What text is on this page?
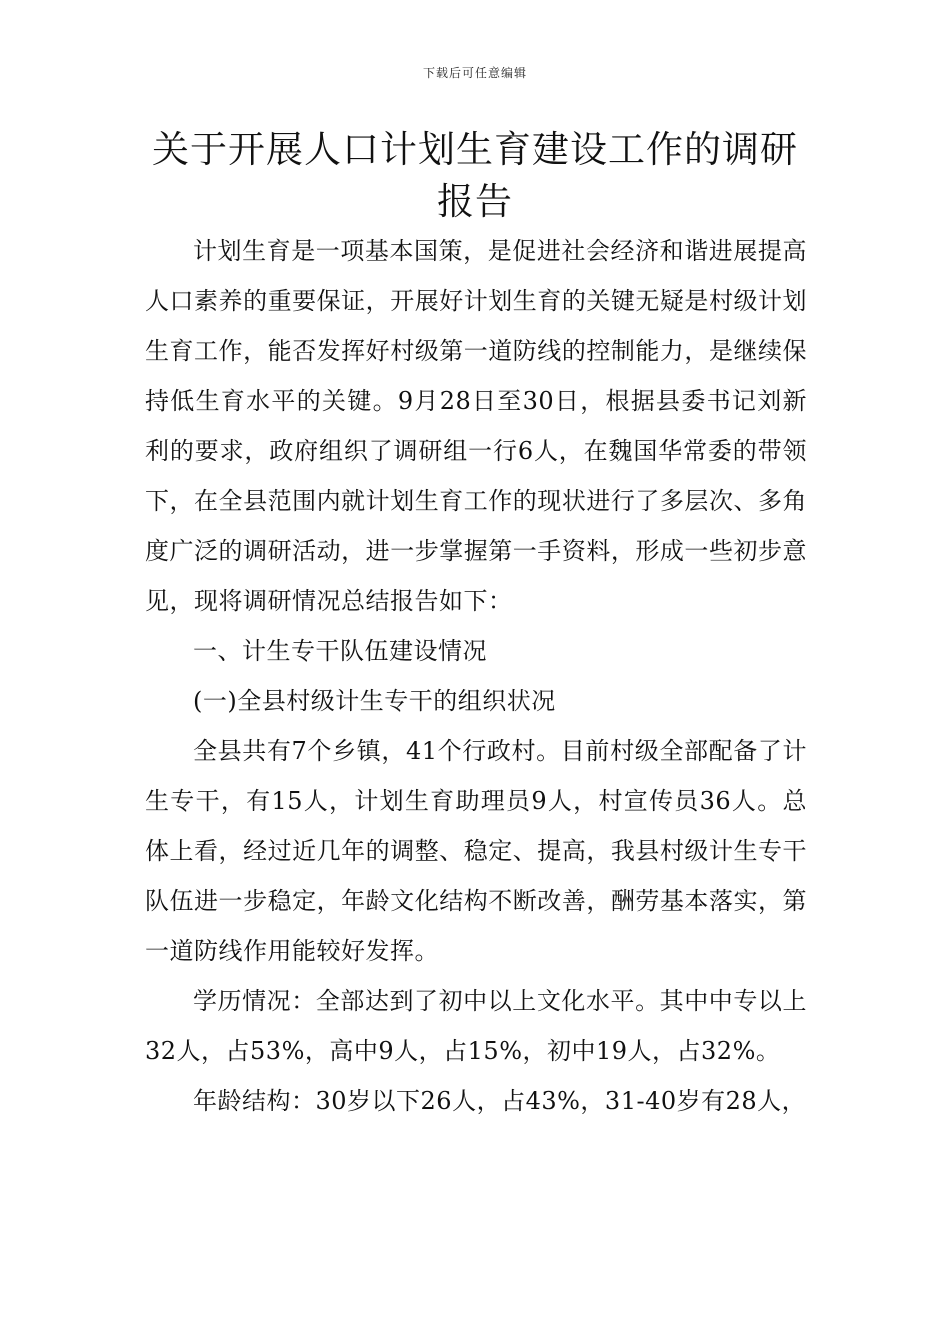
下载后可任意编辑
关于开展人口计划生育建设工作的调研报告

计划生育是一项基本国策，是促进社会经济和谐进展提高人口素养的重要保证，开展好计划生育的关键无疑是村级计划生育工作，能否发挥好村级第一道防线的控制能力，是继续保持低生育水平的关键。9月28日至30日，根据县委书记刘新利的要求，政府组织了调研组一行6人，在魏国华常委的带领下，在全县范围内就计划生育工作的现状进行了多层次、多角度广泛的调研活动，进一步掌握第一手资料，形成一些初步意见，现将调研情况总结报告如下：

一、计生专干队伍建设情况

(一)全县村级计生专干的组织状况

全县共有7个乡镇，41个行政村。目前村级全部配备了计生专干，有15人，计划生育助理员9人，村宣传员36人。总体上看，经过近几年的调整、稳定、提高，我县村级计生专干队伍进一步稳定，年龄文化结构不断改善，酬劳基本落实，第一道防线作用能较好发挥。

学历情况：全部达到了初中以上文化水平。其中中专以上32人，占53%，高中9人，占15%，初中19人，占32%。

年龄结构：30岁以下26人，占43%，31-40岁有28人，
